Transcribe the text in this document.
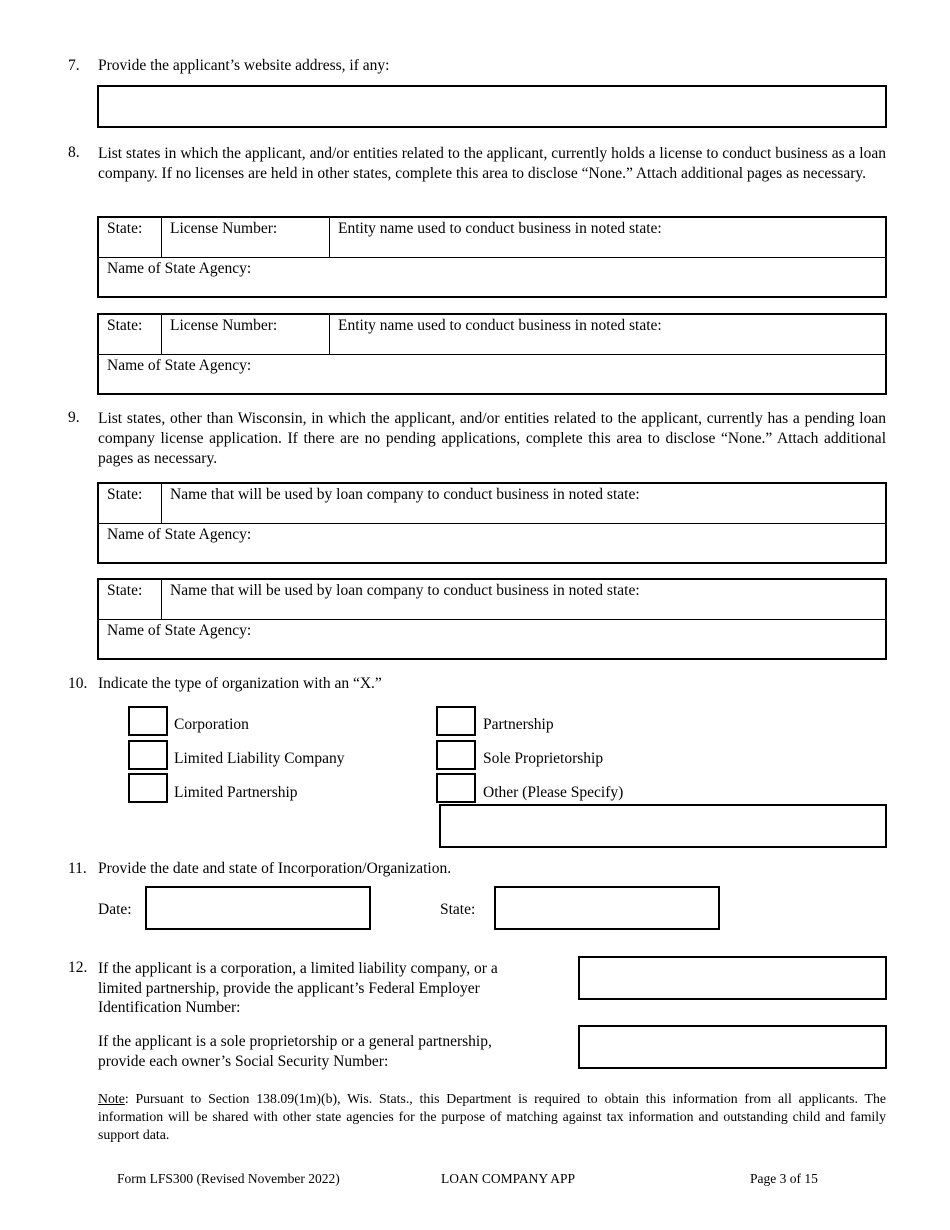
7. Provide the applicant’s website address, if any:
8. List states in which the applicant, and/or entities related to the applicant, currently holds a license to conduct business as a loan company. If no licenses are held in other states, complete this area to disclose “None.” Attach additional pages as necessary.
State:	License Number:	Entity name used to conduct business in noted state:
Name of State Agency:
State:	License Number:	Entity name used to conduct business in noted state:
Name of State Agency:
9. List states, other than Wisconsin, in which the applicant, and/or entities related to the applicant, currently has a pending loan company license application. If there are no pending applications, complete this area to disclose “None.” Attach additional pages as necessary.
State:	Name that will be used by loan company to conduct business in noted state:
Name of State Agency:
State:	Name that will be used by loan company to conduct business in noted state:
Name of State Agency:
10. Indicate the type of organization with an “X.”
Corporation
Limited Liability Company
Limited Partnership
Partnership
Sole Proprietorship
Other (Please Specify)
11. Provide the date and state of Incorporation/Organization.
Date:	State:
12. If the applicant is a corporation, a limited liability company, or a limited partnership, provide the applicant’s Federal Employer Identification Number:
If the applicant is a sole proprietorship or a general partnership, provide each owner’s Social Security Number:
Note: Pursuant to Section 138.09(1m)(b), Wis. Stats., this Department is required to obtain this information from all applicants. The information will be shared with other state agencies for the purpose of matching against tax information and outstanding child and family support data.
Form LFS300 (Revised November 2022)	LOAN COMPANY APP	Page 3 of 15
